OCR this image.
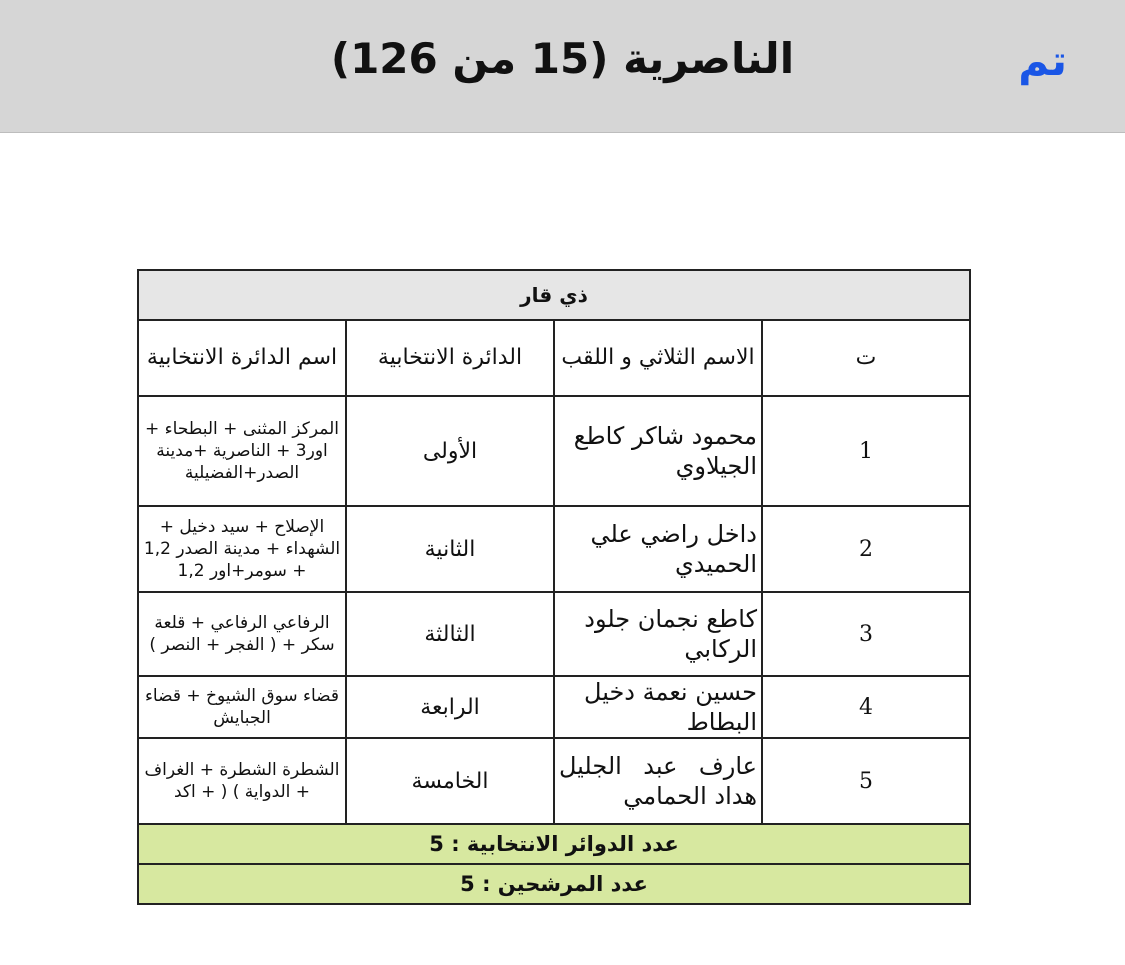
الناصرية (15 من 126)	تم
ذي قار			
ت	الاسم الثلاثي و اللقب	الدائرة الانتخابية	اسم الدائرة الانتخابية
1	محمود شاكر كاطع الجيلاوي	الأولى	المركز المثنى + البطحاء + اور3 + الناصرية +مدينة الصدر+الفضيلية
2	داخل راضي علي الحميدي	الثانية	الإصلاح + سيد دخيل + الشهداء + مدينة الصدر 1,2 + سومر+اور 1,2
3	كاطع نجمان جلود الركابي	الثالثة	الرفاعي الرفاعي + قلعة سكر + ( الفجر + النصر )
4	حسين نعمة دخيل البطاط	الرابعة	قضاء سوق الشيوخ + قضاء الجبايش
5	عارف عبد الجليل هداد الحمامي	الخامسة	الشطرة الشطرة + الغراف + الدواية ) ( + اكد
عدد الدوائر الانتخابية : 5			
عدد المرشحين : 5			
